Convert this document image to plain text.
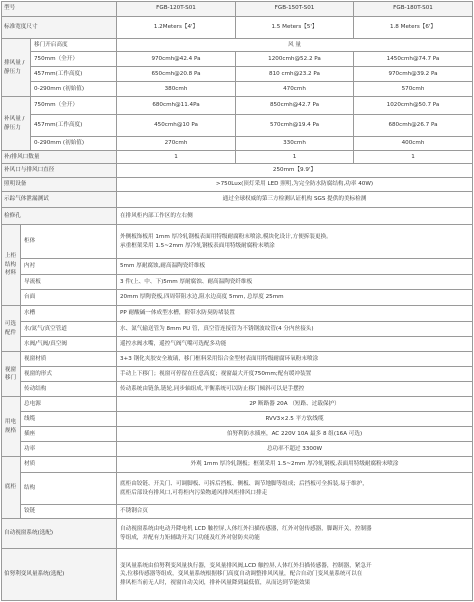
型号	FGB-120T-S01	FGB-150T-S01	FGB-180T-S01
标准宽度尺寸	1.2Meters【4'】	1.5 Meters【5'】	1.8 Meters【6'】
排风量 / 静压力
移门开启高度	风 量
750mm（全开）	970cmh@42.4 Pa	1200cmh@52.2 Pa	1450cmh@74.7 Pa
457mm(工作高度)	650cmh@20.8 Pa	810 cmh@23.2 Pa	970cmh@39.2 Pa
0-290mm (初始值)	380cmh	470cmh	570cmh
补风量 / 静压力
750mm（全开）	680cmh@11.4Pa	850cmh@42.7 Pa	1020cmh@50.7 Pa
457mm(工作高度)	450cmh@10 Pa	570cmh@19.4 Pa	680cmh@26.7 Pa
0-290mm (初始值)	270cmh	330cmh	400cmh
补/排风口数量	1	1	1
补风口与排风口直径	250mm【9.9'】
照明设备	>750Lux(顶灯采用 LED 照明,为完全防水防腐结构,功率 40W)
示踪气体泄漏测试	通过全球权威的第三方检测认证机构 SGS 提供的美标检测
检修孔	在排风柜内部工作区的左右侧
上柜结构材料
柜体
外侧板饰板用 1mm 厚冷轧钢板表面用特级耐腐粉末喷涂,模块化设计,方便拆装更换。
承重框架采用 1.5~2mm 厚冷轧钢板表面用特级耐腐粉末喷涂
内衬	5mm 厚耐腐蚀,耐高温陶瓷纤维板
导流板	3 件(上、中、下)5mm 厚耐腐蚀、耐高温陶瓷纤维板
台面	20mm 厚陶瓷板,四周带阻水边,阻水边高度 5mm, 总厚度 25mm
可选配件
水槽	PP 耐酸碱一体成型水槽，附带水防臭防堵装置
水/氮气/真空管道	水、氮气输送管为 8mm PU 管，真空管连接管为不锈钢波纹管(4 分内丝接头)
水阀/气阀/真空阀	遥控水阀水嘴，遥控气阀气嘴可选配多功能
视窗移门
视窗材质	3+3 钢化夹胶安全玻璃，移门框料采用铝合金型材表面用特级耐腐环氧粉末喷涂
视窗的形式	手动上下移门；视窗可停留在任意高度；视窗最大开度750mm;配有缓冲装置
传动结构	传动系统由链条,链轮,同步轴组成,平衡系统可以防止移门倾斜可以是手摆控
用电规格
总电源	2P 断路器 20A （短路、过载保护）
线缆	RVV3×2.5 平方软线缆
插座	伯努利防水插座，AC 220V 10A 最多 8 组(16A 可选)
功率	总功率不超过 3300W
底柜
材质	外观 1mm 厚冷轧钢板；框架采用 1.5~2mm 厚冷轧钢板,表面用特级耐腐粉末喷涂
结构
底柜由铰链、开关门、可调脚板、可拆后挡板、侧板、调节地脚等组成；后挡板可全拆装,易于维护，
底柜后部设有排风口,可将柜内污染物通风排风柜排风口排走
铰链	不锈钢合页
自动视窗系统(选配)
自动视窗系统由电动升降电机 LCD 触控屏,人体红外扫描传感器，红外对射传感器，脚踢开关，控制器
等组成，并配有力矩辅助开关门功能及红外对射防夹功能
伯努利变风量系统(选配)
变风量系统由伯努利变风量执行器，变风量排风阀,LCD 触控屏,人体红外扫描传感器，控制器，紧急开
关,位移传感器等组成，变风量系统根据移门高度自动调整排风风量，配合自动门变风量系统可以在
排风柜当前无人时，视窗自动关闭，排补风量降到最低值，从而达到节能效果
